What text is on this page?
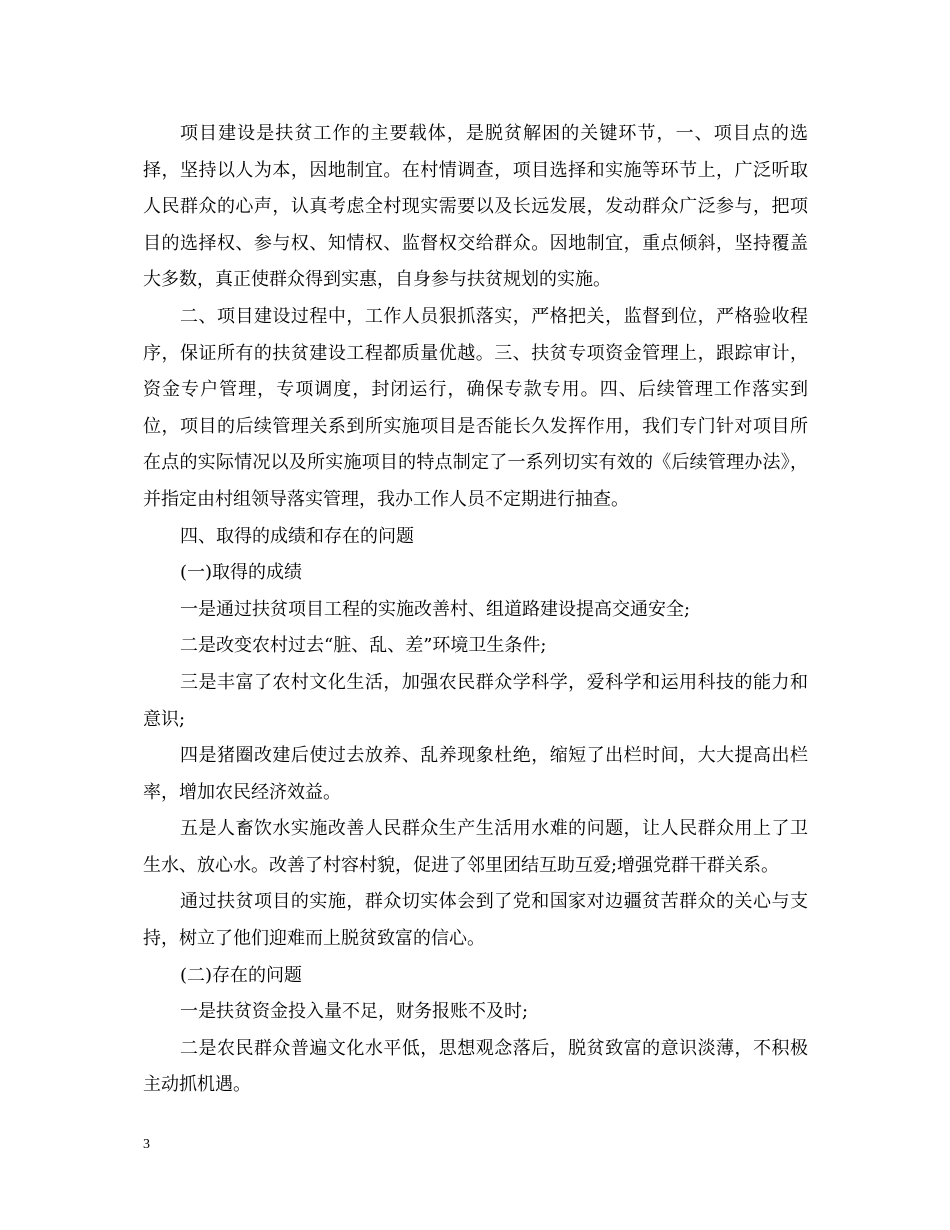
项目建设是扶贫工作的主要载体，是脱贫解困的关键环节，一、项目点的选择，坚持以人为本，因地制宜。在村情调查，项目选择和实施等环节上，广泛听取人民群众的心声，认真考虑全村现实需要以及长远发展，发动群众广泛参与，把项目的选择权、参与权、知情权、监督权交给群众。因地制宜，重点倾斜，坚持覆盖大多数，真正使群众得到实惠，自身参与扶贫规划的实施。

二、项目建设过程中，工作人员狠抓落实，严格把关，监督到位，严格验收程序，保证所有的扶贫建设工程都质量优越。三、扶贫专项资金管理上，跟踪审计，资金专户管理，专项调度，封闭运行，确保专款专用。四、后续管理工作落实到位，项目的后续管理关系到所实施项目是否能长久发挥作用，我们专门针对项目所在点的实际情况以及所实施项目的特点制定了一系列切实有效的《后续管理办法》，并指定由村组领导落实管理，我办工作人员不定期进行抽查。

四、取得的成绩和存在的问题

(一)取得的成绩

一是通过扶贫项目工程的实施改善村、组道路建设提高交通安全;

二是改变农村过去“脏、乱、差”环境卫生条件;

三是丰富了农村文化生活，加强农民群众学科学，爱科学和运用科技的能力和意识;

四是猪圈改建后使过去放养、乱养现象杜绝，缩短了出栏时间，大大提高出栏率，增加农民经济效益。

五是人畜饮水实施改善人民群众生产生活用水难的问题，让人民群众用上了卫生水、放心水。改善了村容村貌，促进了邻里团结互助互爱;增强党群干群关系。

通过扶贫项目的实施，群众切实体会到了党和国家对边疆贫苦群众的关心与支持，树立了他们迎难而上脱贫致富的信心。

(二)存在的问题

一是扶贫资金投入量不足，财务报账不及时;

二是农民群众普遍文化水平低，思想观念落后，脱贫致富的意识淡薄，不积极主动抓机遇。

3
